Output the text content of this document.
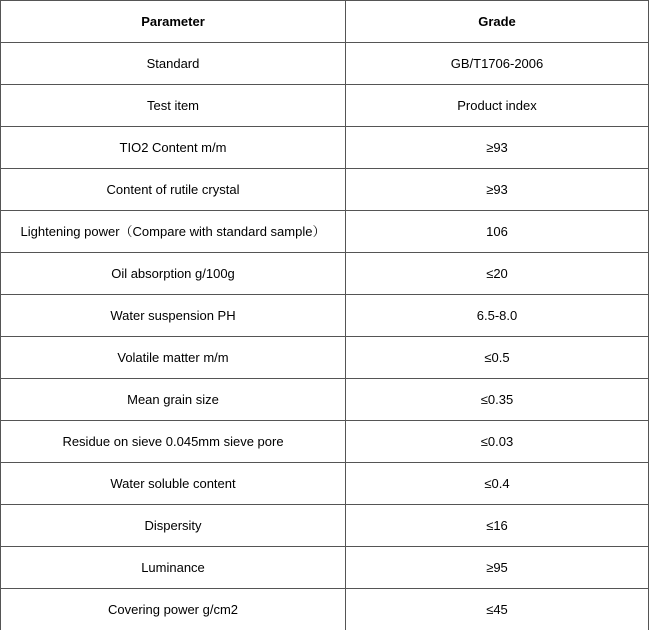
Parameter	Grade
Standard	GB/T1706-2006
Test item	Product index
TIO2 Content m/m	≥93
Content of rutile crystal	≥93
Lightening power（Compare with standard sample）	106
Oil absorption g/100g	≤20
Water suspension PH	6.5-8.0
Volatile matter m/m	≤0.5
Mean grain size	≤0.35
Residue on sieve 0.045mm sieve pore	≤0.03
Water soluble content	≤0.4
Dispersity	≤16
Luminance	≥95
Covering power g/cm2	≤45
